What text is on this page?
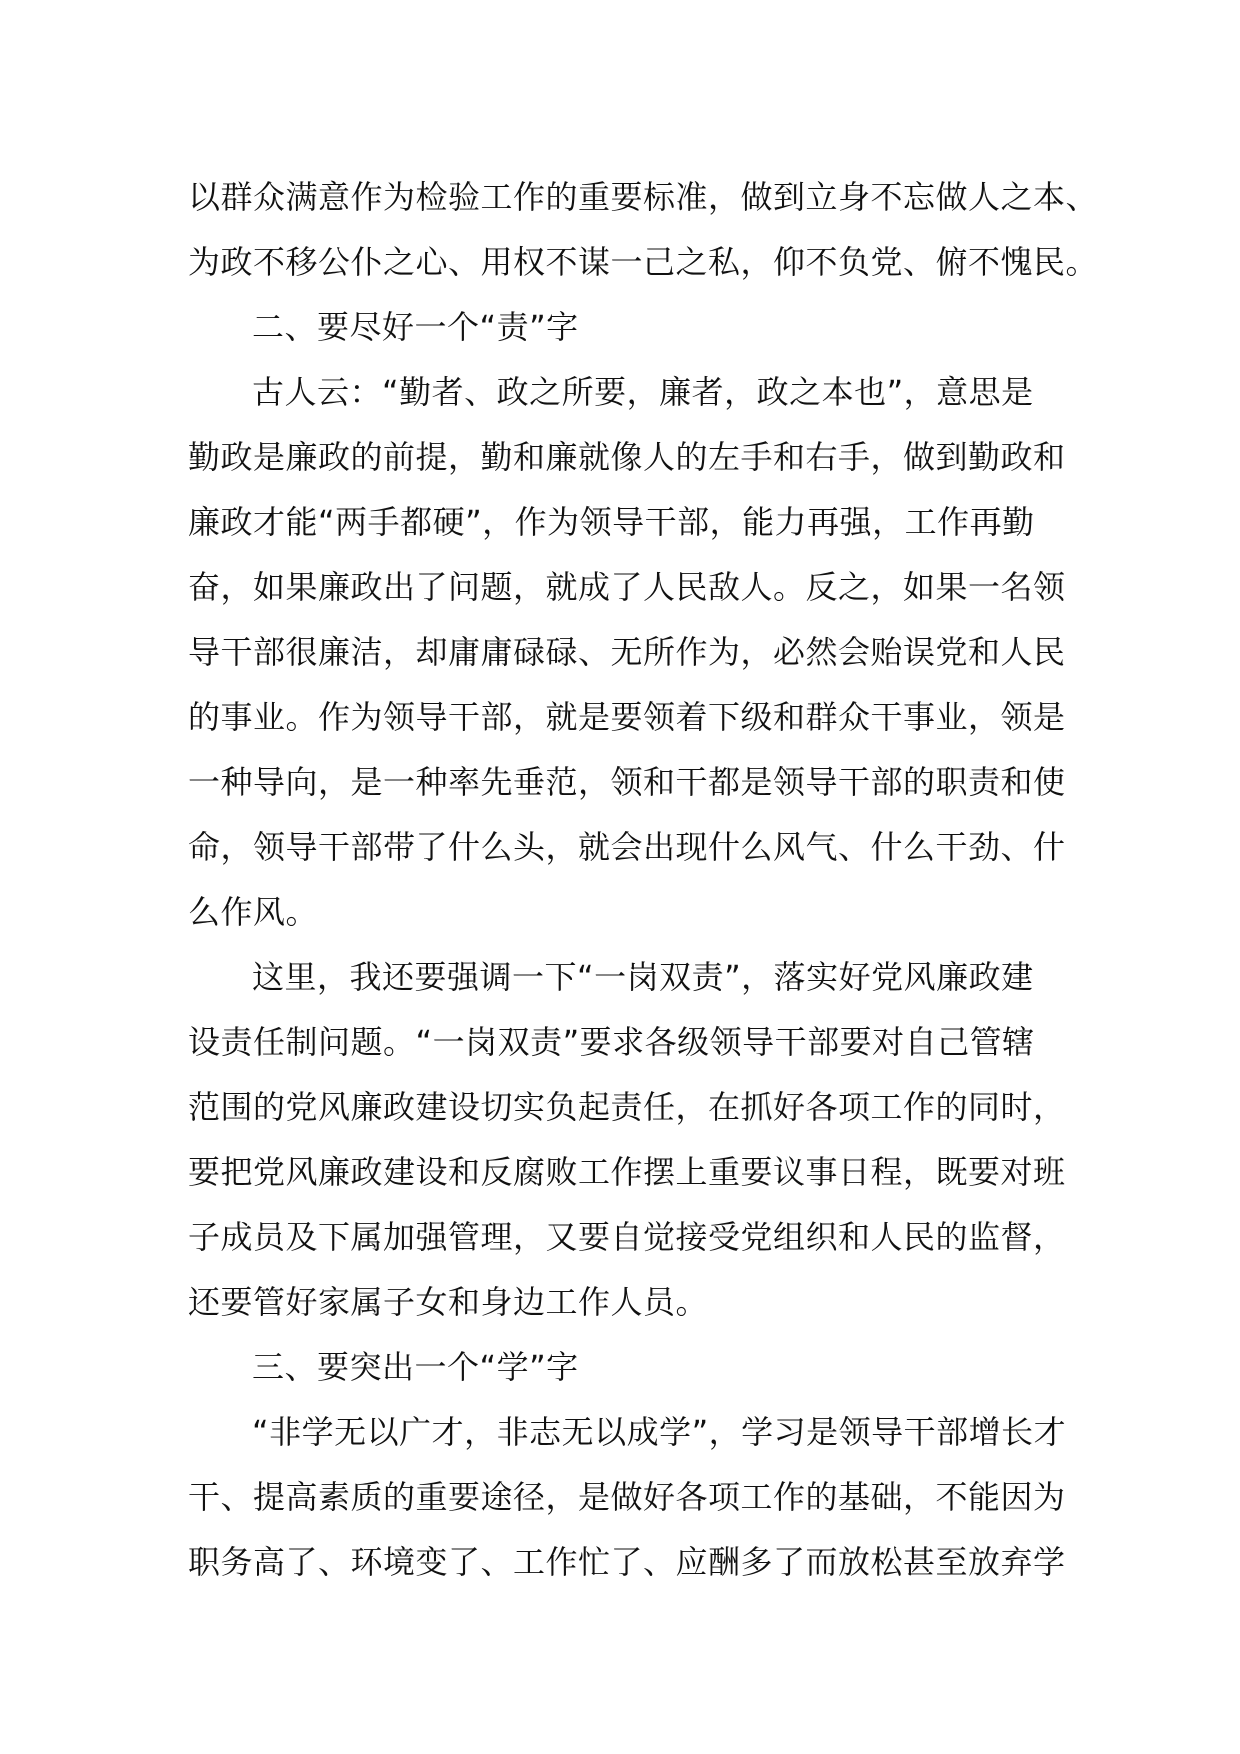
以群众满意作为检验工作的重要标准，做到立身不忘做人之本、
为政不移公仆之心、用权不谋一己之私，仰不负党、俯不愧民。
二、要尽好一个“责”字
古人云：“勤者、政之所要，廉者，政之本也”，意思是
勤政是廉政的前提，勤和廉就像人的左手和右手，做到勤政和
廉政才能“两手都硬”，作为领导干部，能力再强，工作再勤
奋，如果廉政出了问题，就成了人民敌人。反之，如果一名领
导干部很廉洁，却庸庸碌碌、无所作为，必然会贻误党和人民
的事业。作为领导干部，就是要领着下级和群众干事业，领是
一种导向，是一种率先垂范，领和干都是领导干部的职责和使
命，领导干部带了什么头，就会出现什么风气、什么干劲、什
么作风。
这里，我还要强调一下“一岗双责”，落实好党风廉政建
设责任制问题。“一岗双责”要求各级领导干部要对自己管辖
范围的党风廉政建设切实负起责任，在抓好各项工作的同时，
要把党风廉政建设和反腐败工作摆上重要议事日程，既要对班
子成员及下属加强管理，又要自觉接受党组织和人民的监督，
还要管好家属子女和身边工作人员。
三、要突出一个“学”字
“非学无以广才，非志无以成学”，学习是领导干部增长才
干、提高素质的重要途径，是做好各项工作的基础，不能因为
职务高了、环境变了、工作忙了、应酬多了而放松甚至放弃学
